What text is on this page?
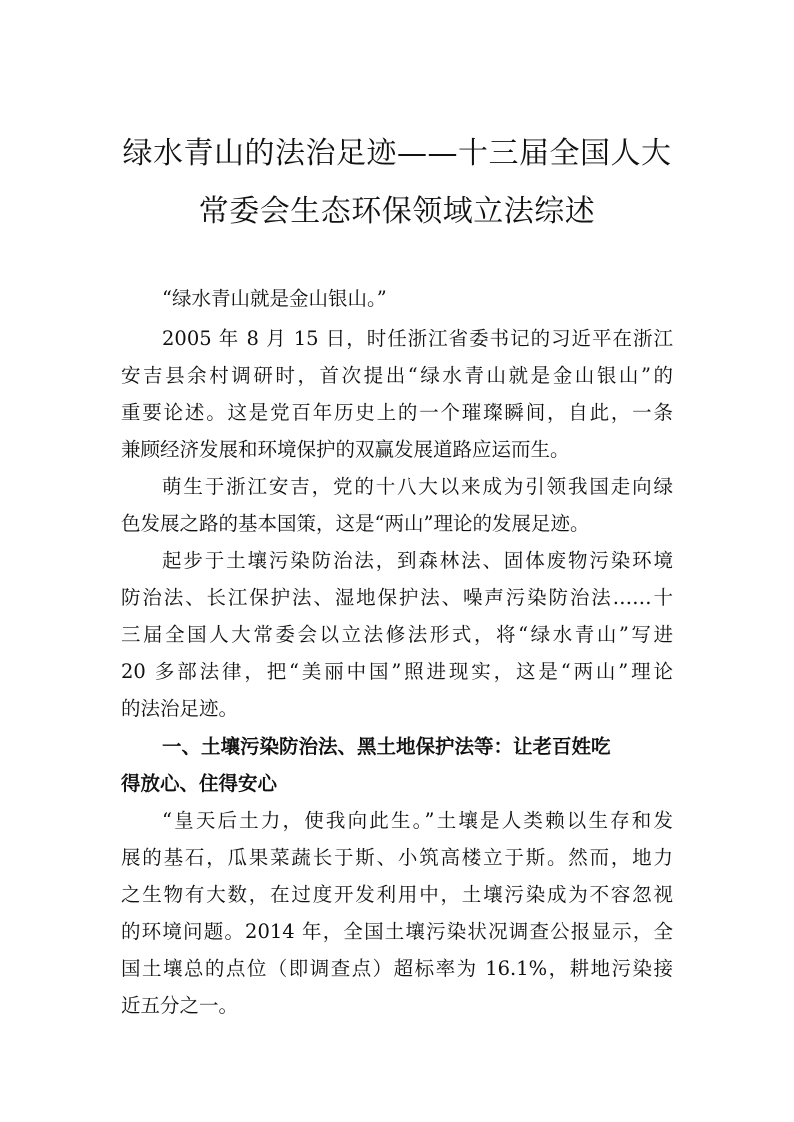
绿水青山的法治足迹——十三届全国人大
常委会生态环保领域立法综述

“绿水青山就是金山银山。”

2005 年 8 月 15 日，时任浙江省委书记的习近平在浙江

安吉县余村调研时，首次提出“绿水青山就是金山银山”的

重要论述。这是党百年历史上的一个璀璨瞬间，自此，一条

兼顾经济发展和环境保护的双赢发展道路应运而生。

萌生于浙江安吉，党的十八大以来成为引领我国走向绿

色发展之路的基本国策，这是“两山”理论的发展足迹。

起步于土壤污染防治法，到森林法、固体废物污染环境

防治法、长江保护法、湿地保护法、噪声污染防治法……十

三届全国人大常委会以立法修法形式，将“绿水青山”写进

20 多部法律，把“美丽中国”照进现实，这是“两山”理论

的法治足迹。

一、土壤污染防治法、黑土地保护法等：让老百姓吃

得放心、住得安心

“皇天后土力，使我向此生。”土壤是人类赖以生存和发

展的基石，瓜果菜蔬长于斯、小筑高楼立于斯。然而，地力

之生物有大数，在过度开发利用中，土壤污染成为不容忽视

的环境问题。2014 年，全国土壤污染状况调查公报显示，全

国土壤总的点位（即调查点）超标率为 16.1%，耕地污染接

近五分之一。
